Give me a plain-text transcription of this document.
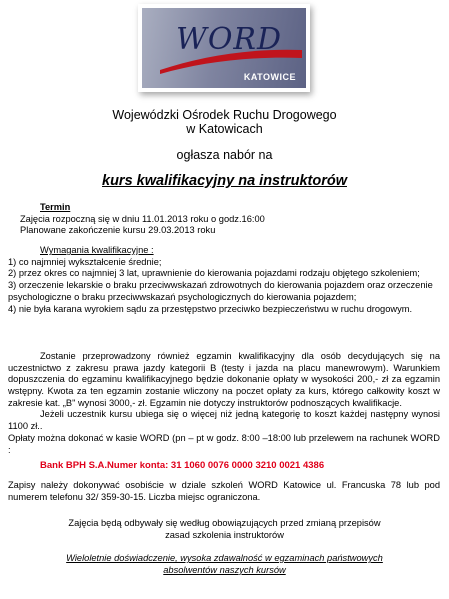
WORD
KATOWICE
Wojewódzki Ośrodek Ruchu Drogowego
w Katowicach
ogłasza nabór na
kurs kwalifikacyjny na instruktorów
Termin
Zajęcia rozpoczną się w dniu 11.01.2013 roku o godz.16:00
Planowane zakończenie kursu 29.03.2013 roku
Wymagania kwalifikacyjne :
1) co najmniej wykształcenie średnie;
2) przez okres co najmniej 3 lat, uprawnienie do kierowania pojazdami rodzaju objętego szkoleniem;
3) orzeczenie lekarskie o braku przeciwwskazań zdrowotnych do kierowania pojazdem oraz orzeczenie psychologiczne o braku przeciwwskazań psychologicznych do kierowania pojazdem;
4) nie była karana wyrokiem sądu za przestępstwo przeciwko bezpieczeństwu w ruchu drogowym.
Zostanie przeprowadzony również egzamin kwalifikacyjny dla osób decydujących się na uczestnictwo z zakresu prawa jazdy kategorii B (testy i jazda na placu manewrowym). Warunkiem dopuszczenia do egzaminu kwalifikacyjnego będzie dokonanie opłaty w wysokości 200,- zł za egzamin wstępny. Kwota za ten egzamin zostanie wliczony na poczet opłaty za kurs, którego całkowity koszt w zakresie kat. „B" wynosi 3000,- zł. Egzamin nie dotyczy instruktorów podnoszących kwalifikacje.
Jeżeli uczestnik kursu ubiega się o więcej niż jedną kategorię to koszt każdej następny wynosi 1100 zł..
Opłaty można dokonać w kasie WORD (pn – pt w godz. 8:00 –18:00 lub przelewem na rachunek WORD :
Bank BPH S.A.Numer konta: 31 1060 0076 0000 3210 0021 4386
Zapisy należy dokonywać osobiście w dziale szkoleń WORD Katowice ul. Francuska 78 lub pod numerem telefonu 32/ 359-30-15. Liczba miejsc ograniczona.
Zajęcia będą odbywały się według obowiązujących przed zmianą przepisów
zasad szkolenia instruktorów
Wieloletnie doświadczenie, wysoka zdawalność w egzaminach państwowych
absolwentów naszych kursów
